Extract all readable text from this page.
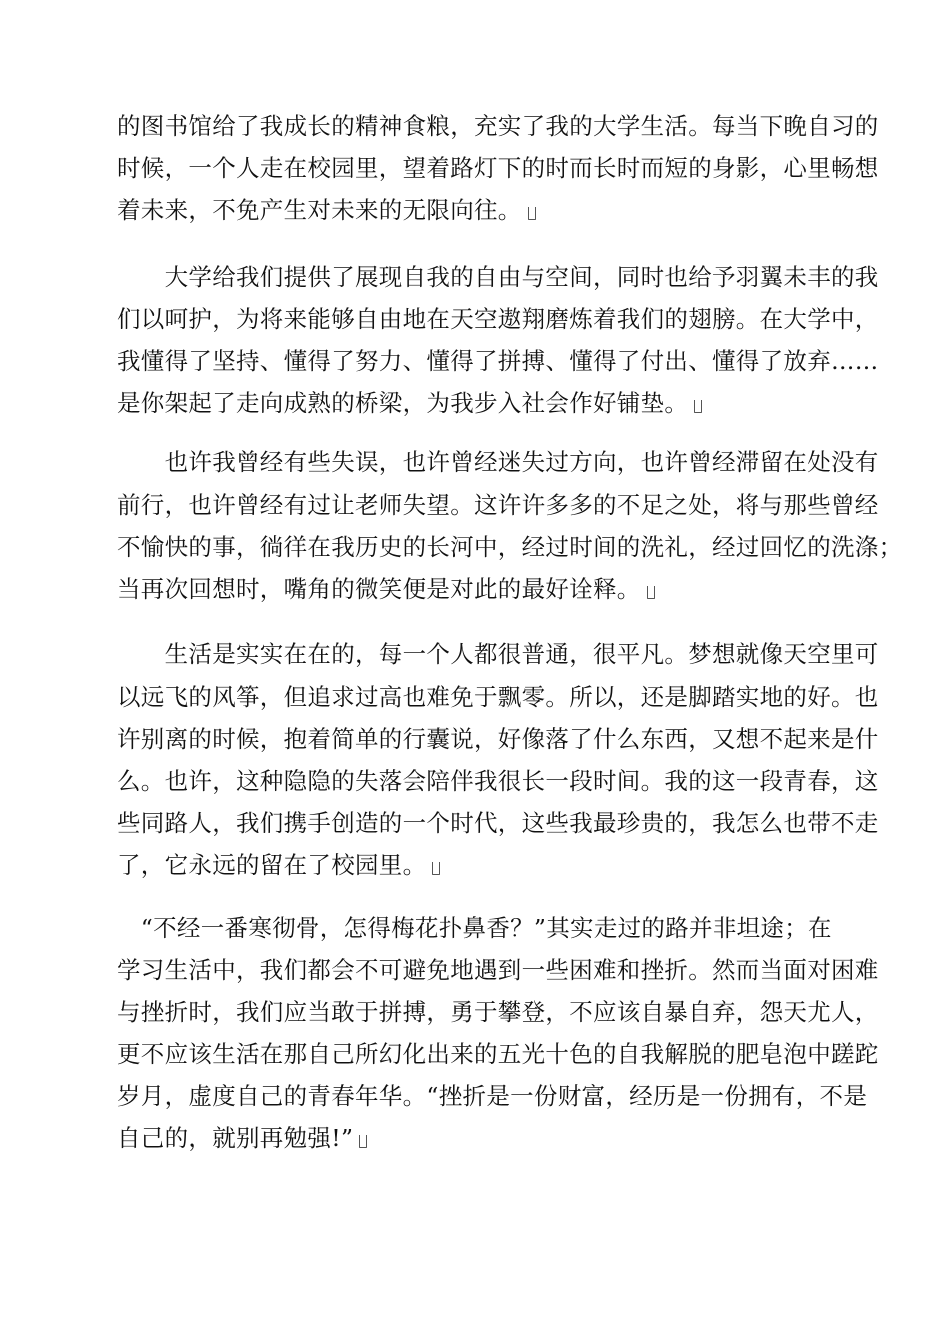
的图书馆给了我成长的精神食粮，充实了我的大学生活。每当下晚自习的
时候，一个人走在校园里，望着路灯下的时而长时而短的身影，心里畅想
着未来，不免产生对未来的无限向往。
　　大学给我们提供了展现自我的自由与空间，同时也给予羽翼未丰的我
们以呵护，为将来能够自由地在天空遨翔磨炼着我们的翅膀。在大学中，
我懂得了坚持、懂得了努力、懂得了拼搏、懂得了付出、懂得了放弃……
是你架起了走向成熟的桥梁，为我步入社会作好铺垫。
　　也许我曾经有些失误，也许曾经迷失过方向，也许曾经滞留在处没有
前行，也许曾经有过让老师失望。这许许多多的不足之处，将与那些曾经
不愉快的事，徜徉在我历史的长河中，经过时间的洗礼，经过回忆的洗涤；
当再次回想时，嘴角的微笑便是对此的最好诠释。
　　生活是实实在在的，每一个人都很普通，很平凡。梦想就像天空里可
以远飞的风筝，但追求过高也难免于飘零。所以，还是脚踏实地的好。也
许别离的时候，抱着简单的行囊说，好像落了什么东西，又想不起来是什
么。也许，这种隐隐的失落会陪伴我很长一段时间。我的这一段青春，这
些同路人，我们携手创造的一个时代，这些我最珍贵的，我怎么也带不走
了，它永远的留在了校园里。
　“不经一番寒彻骨，怎得梅花扑鼻香？”其实走过的路并非坦途；在
学习生活中，我们都会不可避免地遇到一些困难和挫折。然而当面对困难
与挫折时，我们应当敢于拼搏，勇于攀登，不应该自暴自弃，怨天尤人，
更不应该生活在那自己所幻化出来的五光十色的自我解脱的肥皂泡中蹉跎
岁月，虚度自己的青春年华。“挫折是一份财富，经历是一份拥有，不是
自己的，就别再勉强!”
